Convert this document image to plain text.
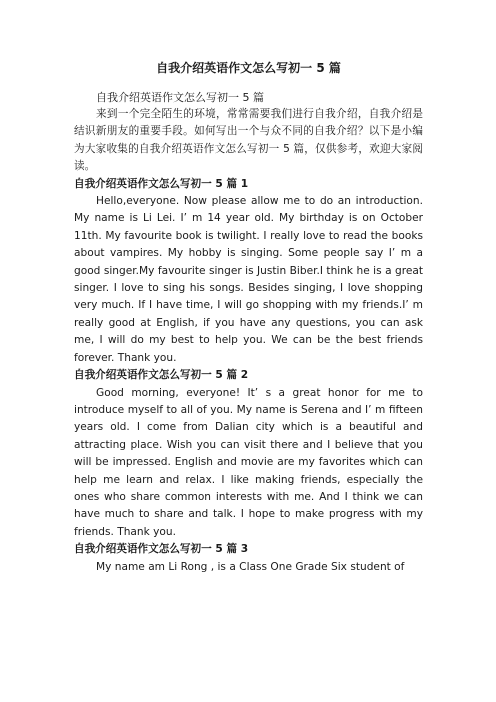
自我介绍英语作文怎么写初一 5 篇

自我介绍英语作文怎么写初一 5 篇

来到一个完全陌生的环境，常常需要我们进行自我介绍，自我介绍是结识新朋友的重要手段。如何写出一个与众不同的自我介绍？以下是小编为大家收集的自我介绍英语作文怎么写初一 5 篇，仅供参考，欢迎大家阅读。

自我介绍英语作文怎么写初一 5 篇 1

Hello,everyone. Now please allow me to do an introduction. My name is Li Lei. I’ m 14 year old. My birthday is on October 11th. My favourite book is twilight. I really love to read the books about vampires. My hobby is singing. Some people say I’ m a good singer.My favourite singer is Justin Biber.I think he is a great singer. I love to sing his songs. Besides singing, I love shopping very much. If I have time, I will go shopping with my friends.I’ m really good at English, if you have any questions, you can ask me, I will do my best to help you. We can be the best friends forever. Thank you.

自我介绍英语作文怎么写初一 5 篇 2

Good morning, everyone! It’ s a great honor for me to introduce myself to all of you. My name is Serena and I’ m fifteen years old. I come from Dalian city which is a beautiful and attracting place. Wish you can visit there and I believe that you will be impressed. English and movie are my favorites which can help me learn and relax. I like making friends, especially the ones who share common interests with me. And I think we can have much to share and talk. I hope to make progress with my friends. Thank you.

自我介绍英语作文怎么写初一 5 篇 3

My name am Li Rong , is a Class One Grade Six student of
